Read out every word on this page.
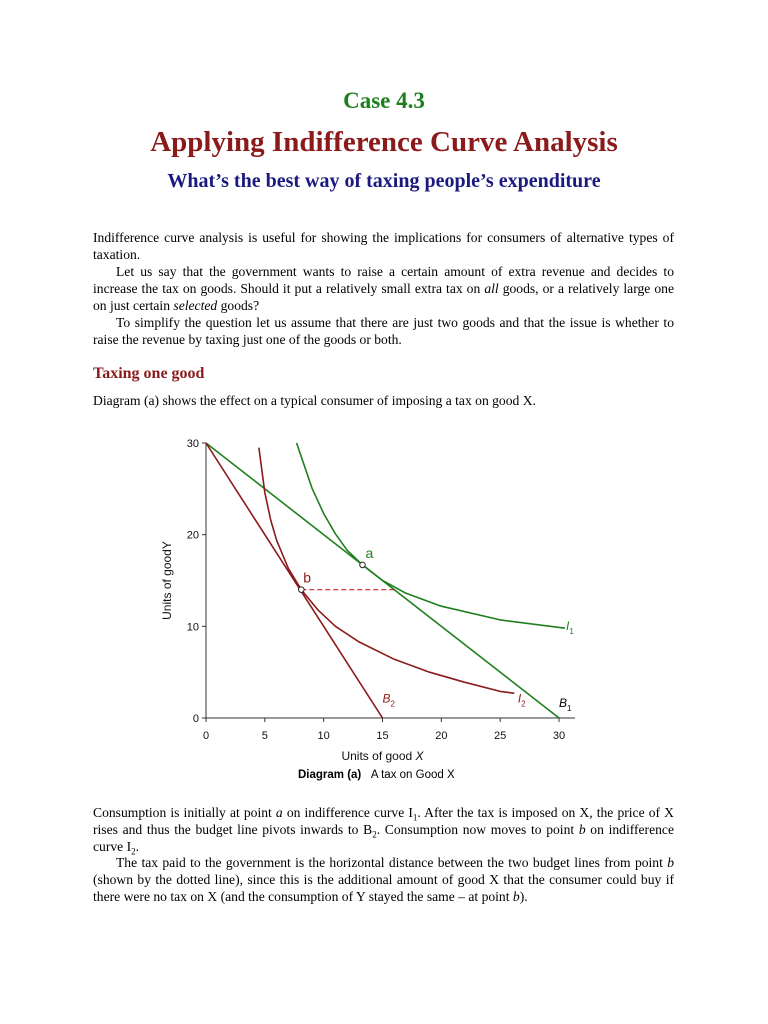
Case 4.3
Applying Indifference Curve Analysis
What’s the best way of taxing people’s expenditure

Indifference curve analysis is useful for showing the implications for consumers of alternative types of taxation.

Let us say that the government wants to raise a certain amount of extra revenue and decides to increase the tax on goods. Should it put a relatively small extra tax on all goods, or a relatively large one on just certain selected goods?

To simplify the question let us assume that there are just two goods and that the issue is whether to raise the revenue by taxing just one of the goods or both.

Taxing one good

Diagram (a) shows the effect on a typical consumer of imposing a tax on good X.

0	5	10	15	20	25	30
0
10
20
30
Units of good X
Units of goodY	a
b
$I_1$
$I_2$	$B_1$
$B_2$
Diagram (a) A tax on Good X

Consumption is initially at point a on indifference curve $I_1$. After the tax is imposed on X, the price of X rises and thus the budget line pivots inwards to $B_2$. Consumption now moves to point b on indifference curve $I_2$.

The tax paid to the government is the horizontal distance between the two budget lines from point b (shown by the dotted line), since this is the additional amount of good X that the consumer could buy if there were no tax on X (and the consumption of Y stayed the same – at point b).
